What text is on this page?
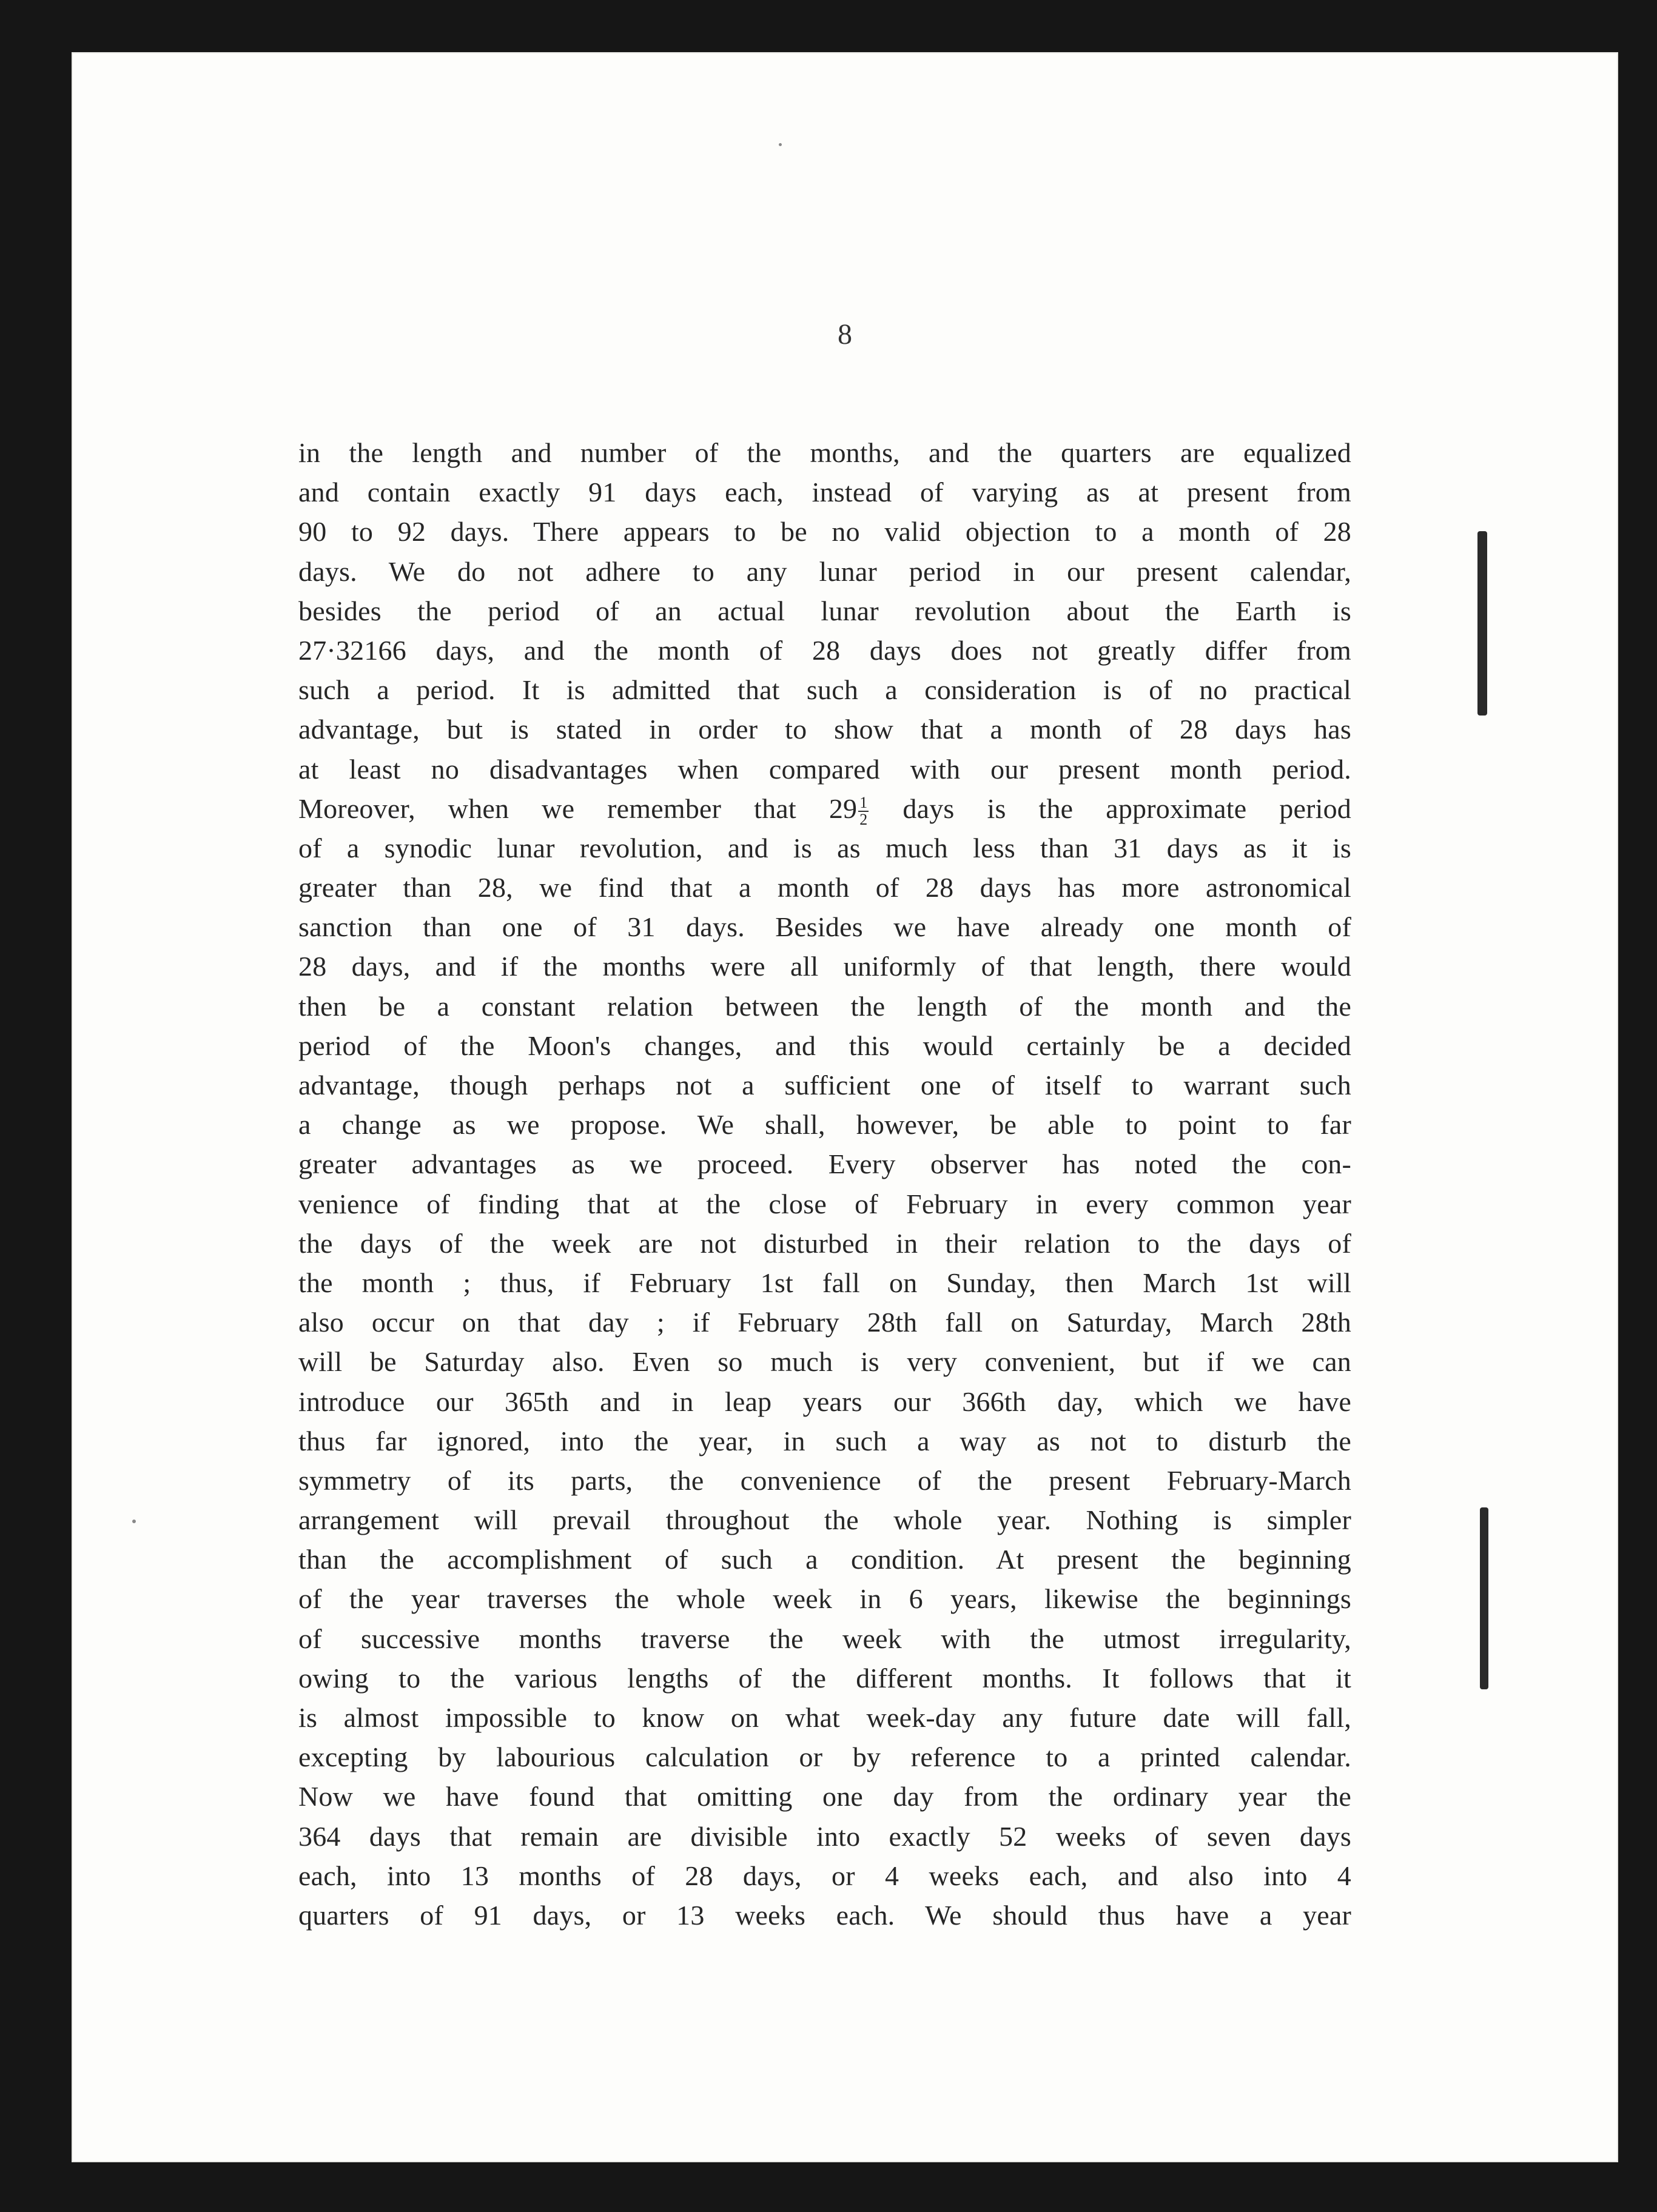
8
in the length and number of the months, and the quarters are equalized
and contain exactly 91 days each, instead of varying as at present from
90 to 92 days. There appears to be no valid objection to a month of 28
days. We do not adhere to any lunar period in our present calendar,
besides the period of an actual lunar revolution about the Earth is
27·32166 days, and the month of 28 days does not greatly differ from
such a period. It is admitted that such a consideration is of no practical
advantage, but is stated in order to show that a month of 28 days has
at least no disadvantages when compared with our present month period.
Moreover, when we remember that $29 \frac{1}{2}$ days is the approximate period
of a synodic lunar revolution, and is as much less than 31 days as it is
greater than 28, we find that a month of 28 days has more astronomical
sanction than one of 31 days. Besides we have already one month of
28 days, and if the months were all uniformly of that length, there would
then be a constant relation between the length of the month and the
period of the Moon's changes, and this would certainly be a decided
advantage, though perhaps not a sufficient one of itself to warrant such
a change as we propose. We shall, however, be able to point to far
greater advantages as we proceed. Every observer has noted the con-
venience of finding that at the close of February in every common year
the days of the week are not disturbed in their relation to the days of
the month ; thus, if February 1st fall on Sunday, then March 1st will
also occur on that day ; if February 28th fall on Saturday, March 28th
will be Saturday also. Even so much is very convenient, but if we can
introduce our 365th and in leap years our 366th day, which we have
thus far ignored, into the year, in such a way as not to disturb the
symmetry of its parts, the convenience of the present February-March
arrangement will prevail throughout the whole year. Nothing is simpler
than the accomplishment of such a condition. At present the beginning
of the year traverses the whole week in 6 years, likewise the beginnings
of successive months traverse the week with the utmost irregularity,
owing to the various lengths of the different months. It follows that it
is almost impossible to know on what week-day any future date will fall,
excepting by labourious calculation or by reference to a printed calendar.
Now we have found that omitting one day from the ordinary year the
364 days that remain are divisible into exactly 52 weeks of seven days
each, into 13 months of 28 days, or 4 weeks each, and also into 4
quarters of 91 days, or 13 weeks each. We should thus have a year
